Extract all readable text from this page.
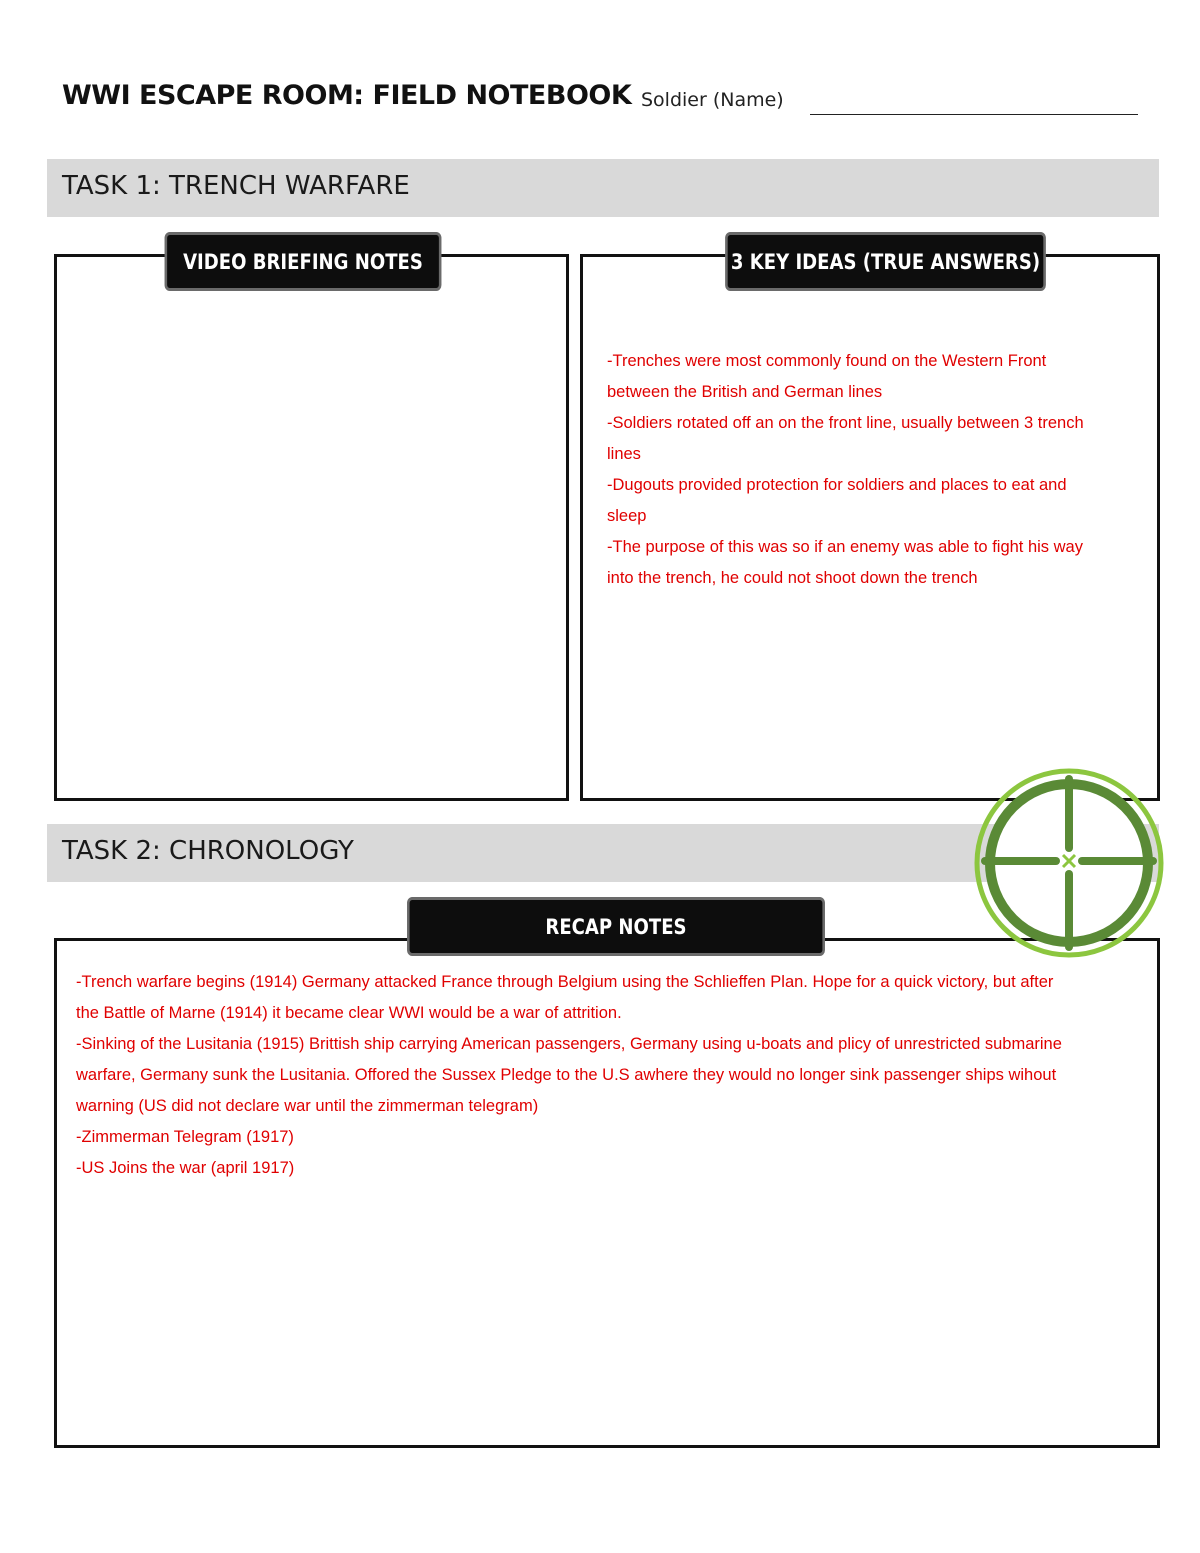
WWI ESCAPE ROOM: FIELD NOTEBOOK Soldier (Name)
TASK 1: TRENCH WARFARE
VIDEO BRIEFING NOTES	3 KEY IDEAS (TRUE ANSWERS)
-Trenches were most commonly found on the Western Front
between the British and German lines
-Soldiers rotated off an on the front line, usually between 3 trench
lines
-Dugouts provided protection for soldiers and places to eat and
sleep
-The purpose of this was so if an enemy was able to fight his way
into the trench, he could not shoot down the trench
TASK 2: CHRONOLOGY
RECAP NOTES
-Trench warfare begins (1914) Germany attacked France through Belgium using the Schlieffen Plan. Hope for a quick victory, but after
the Battle of Marne (1914) it became clear WWI would be a war of attrition.
-Sinking of the Lusitania (1915) Brittish ship carrying American passengers, Germany using u-boats and plicy of unrestricted submarine
warfare, Germany sunk the Lusitania. Offored the Sussex Pledge to the U.S awhere they would no longer sink passenger ships wihout
warning (US did not declare war until the zimmerman telegram)
-Zimmerman Telegram (1917)
-US Joins the war (april 1917)
